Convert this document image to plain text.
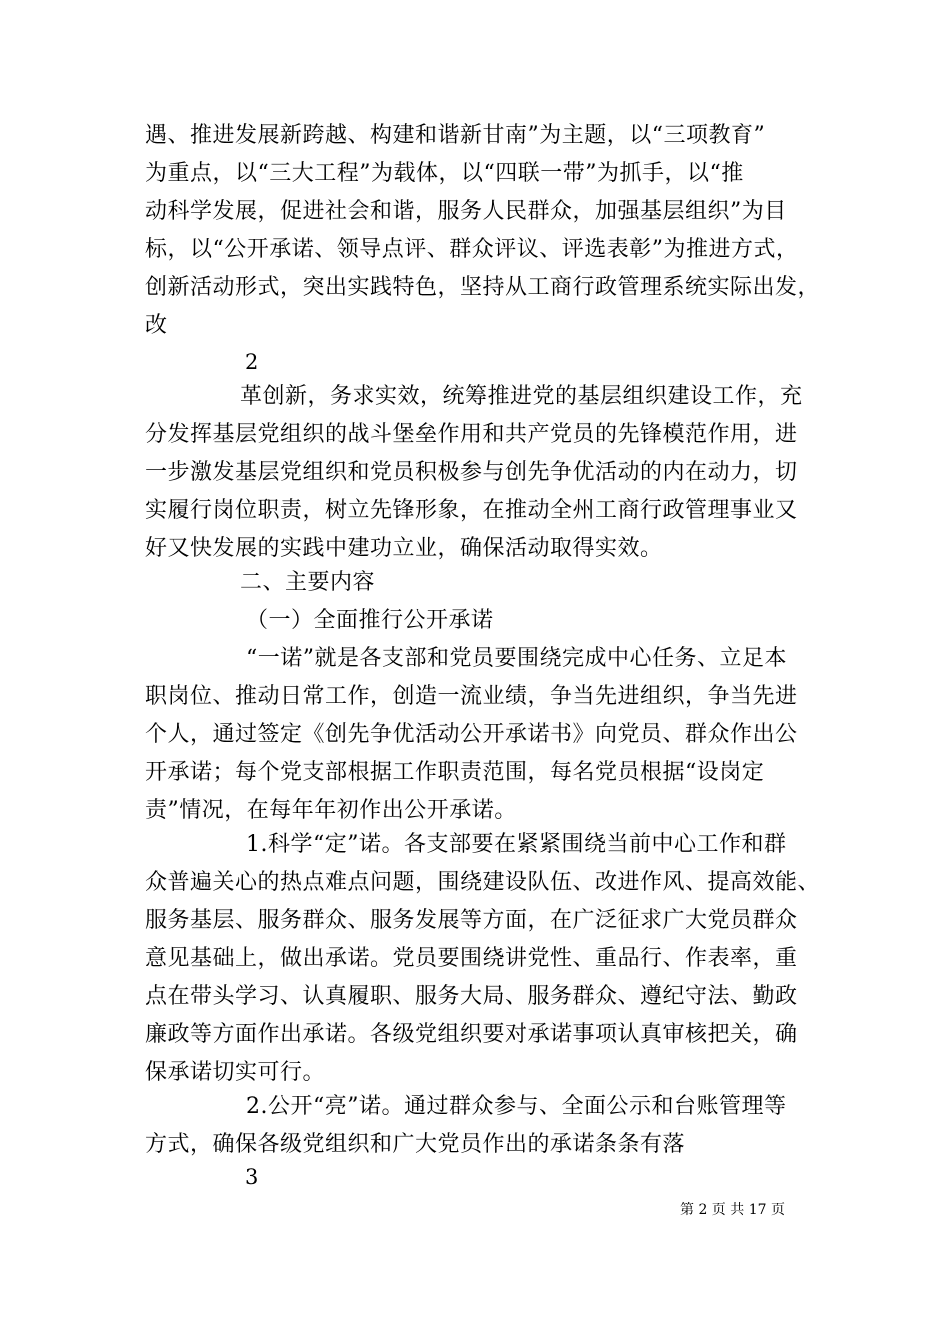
遇、推进发展新跨越、构建和谐新甘南”为主题，以“三项教育”
为重点，以“三大工程”为载体，以“四联一带”为抓手，以“推
动科学发展，促进社会和谐，服务人民群众，加强基层组织”为目
标，以“公开承诺、领导点评、群众评议、评选表彰”为推进方式，
创新活动形式，突出实践特色，坚持从工商行政管理系统实际出发，
改
2
革创新，务求实效，统筹推进党的基层组织建设工作，充
分发挥基层党组织的战斗堡垒作用和共产党员的先锋模范作用，进
一步激发基层党组织和党员积极参与创先争优活动的内在动力，切
实履行岗位职责，树立先锋形象，在推动全州工商行政管理事业又
好又快发展的实践中建功立业，确保活动取得实效。
二、主要内容
（一）全面推行公开承诺
“一诺”就是各支部和党员要围绕完成中心任务、立足本
职岗位、推动日常工作，创造一流业绩，争当先进组织，争当先进
个人，通过签定《创先争优活动公开承诺书》向党员、群众作出公
开承诺；每个党支部根据工作职责范围，每名党员根据“设岗定
责”情况，在每年年初作出公开承诺。
1.科学“定”诺。各支部要在紧紧围绕当前中心工作和群
众普遍关心的热点难点问题，围绕建设队伍、改进作风、提高效能、
服务基层、服务群众、服务发展等方面，在广泛征求广大党员群众
意见基础上，做出承诺。党员要围绕讲党性、重品行、作表率，重
点在带头学习、认真履职、服务大局、服务群众、遵纪守法、勤政
廉政等方面作出承诺。各级党组织要对承诺事项认真审核把关，确
保承诺切实可行。
2.公开“亮”诺。通过群众参与、全面公示和台账管理等
方式，确保各级党组织和广大党员作出的承诺条条有落
3
第 2 页 共 17 页
